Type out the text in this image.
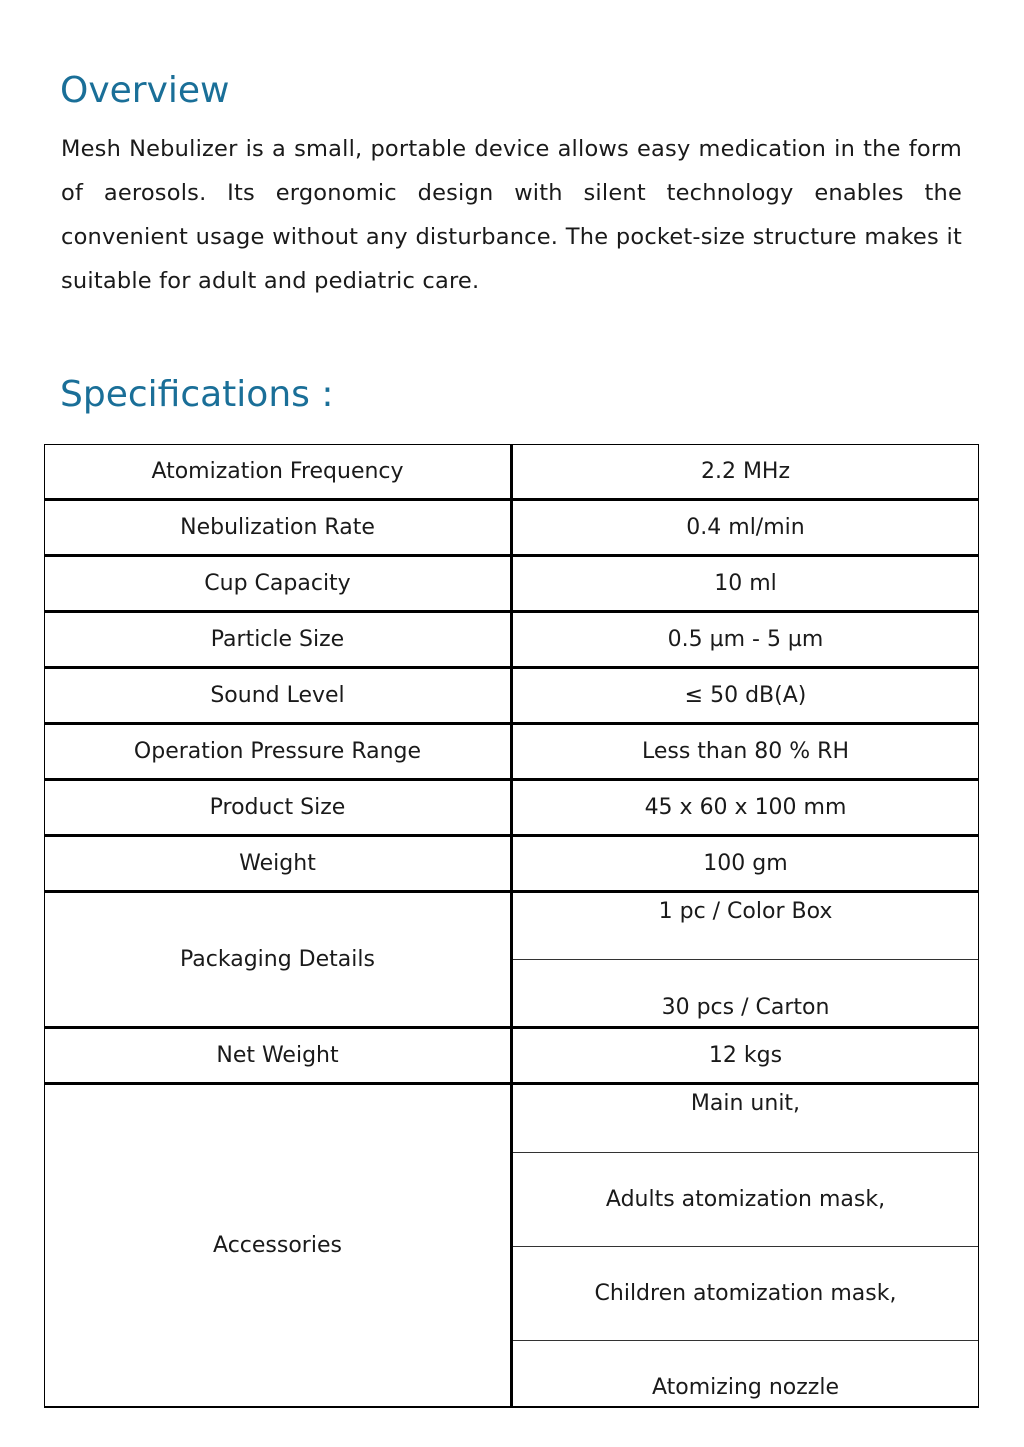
Overview

Mesh Nebulizer is a small, portable device allows easy medication in the form of aerosols. Its ergonomic design with silent technology enables the convenient usage without any disturbance. The pocket-size structure makes it suitable for adult and pediatric care.

Specifications :
Atomization Frequency	2.2 MHz
Nebulization Rate	0.4 ml/min
Cup Capacity	10 ml
Particle Size	0.5 µm - 5 µm
Sound Level	≤ 50 dB(A)
Operation Pressure Range	Less than 80 % RH
Product Size	45 x 60 x 100 mm
Weight	100 gm
Packaging Details	1 pc / Color Box
30 pcs / Carton

Net Weight	12 kgs
Accessories	Main unit,
Adults atomization mask,
Children atomization mask,
Atomizing nozzle
